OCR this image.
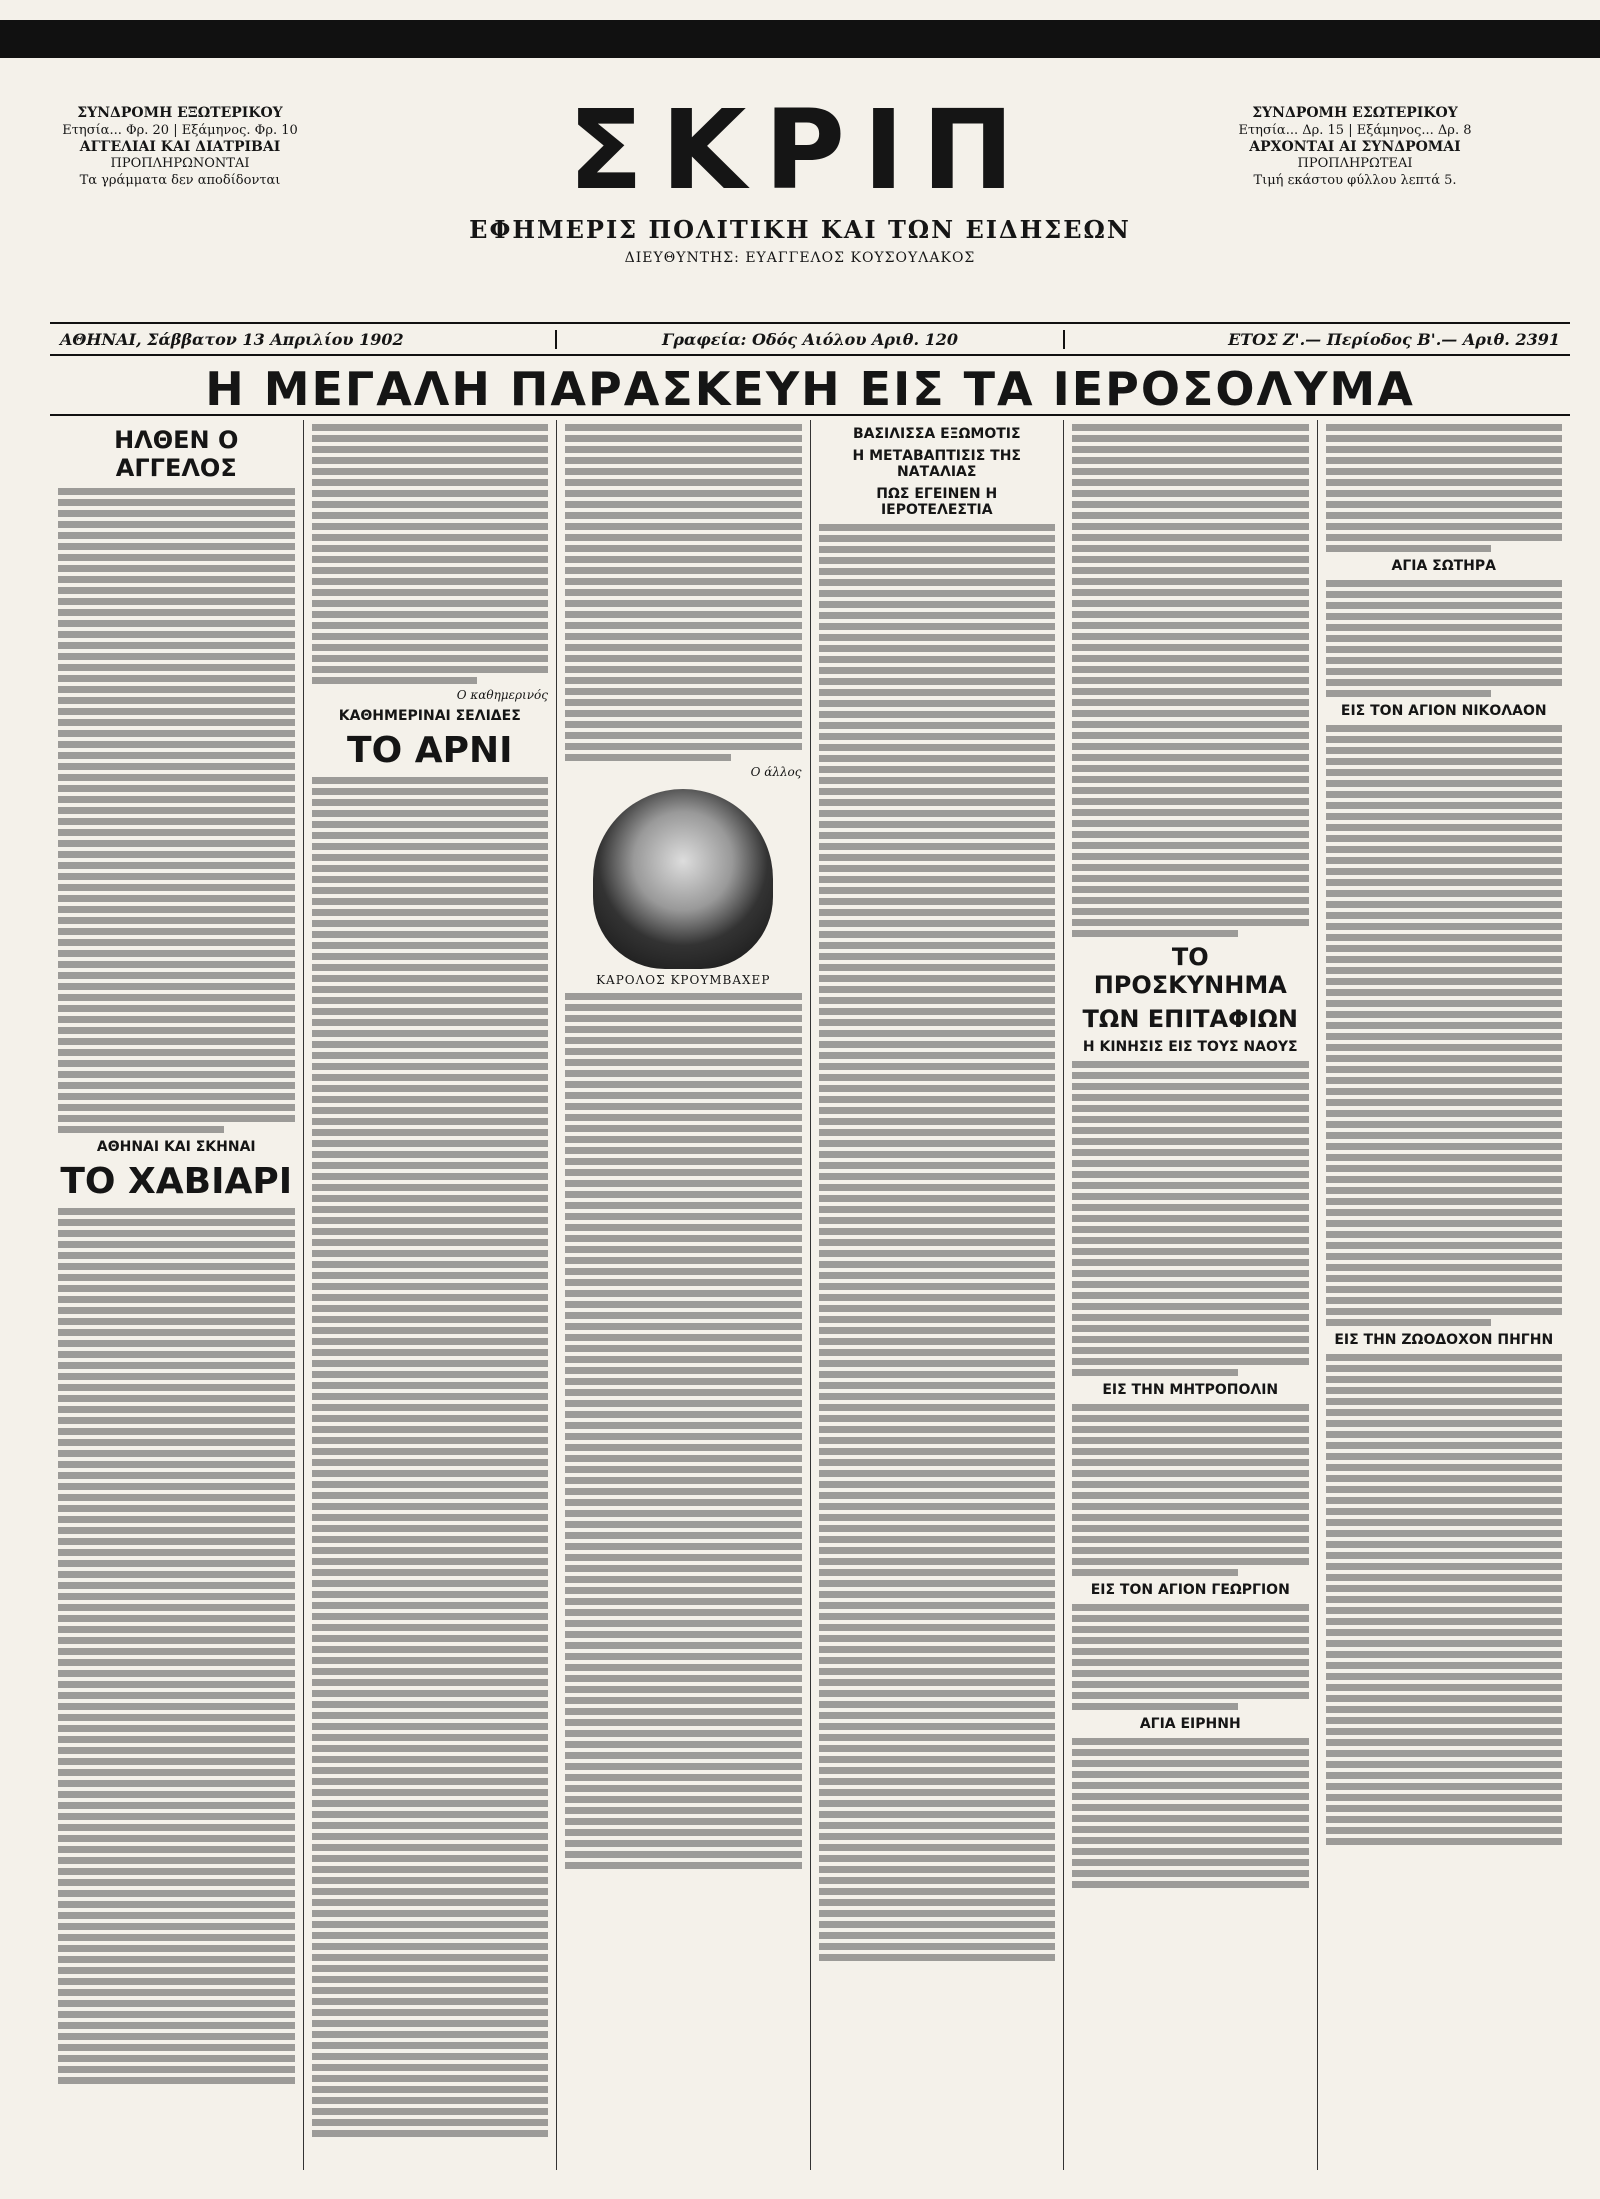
ΣΥΝΔΡΟΜΗ ΕΞΩΤΕΡΙΚΟΥ
Ετησία... Φρ. 20 | Εξάμηνος. Φρ. 10
ΑΓΓΕΛΙΑΙ ΚΑΙ ΔΙΑΤΡΙΒΑΙ
ΠΡΟΠΛΗΡΩΝΟΝΤΑΙ
Τα γράμματα δεν αποδίδονται
ΣΥΝΔΡΟΜΗ ΕΣΩΤΕΡΙΚΟΥ
Ετησία... Δρ. 15 | Εξάμηνος... Δρ. 8
ΑΡΧΟΝΤΑΙ ΑΙ ΣΥΝΔΡΟΜΑΙ
ΠΡΟΠΛΗΡΩΤΕΑΙ
Τιμή εκάστου φύλλου λεπτά 5.
ΣΚΡΙΠ
ΕΦΗΜΕΡΙΣ ΠΟΛΙΤΙΚΗ ΚΑΙ ΤΩΝ ΕΙΔΗΣΕΩΝ
ΔΙΕΥΘΥΝΤΗΣ: ΕΥΑΓΓΕΛΟΣ ΚΟΥΣΟΥΛΑΚΟΣ
ΑΘΗΝΑΙ, Σάββατον 13 Απριλίου 1902	Γραφεία: Οδός Αιόλου Αριθ. 120	ΕΤΟΣ Ζ'.— Περίοδος Β'.— Αριθ. 2391
Η ΜΕΓΑΛΗ ΠΑΡΑΣΚΕΥΗ ΕΙΣ ΤΑ ΙΕΡΟΣΟΛΥΜΑ
ΗΛΘΕΝ Ο ΑΓΓΕΛΟΣ
ΑΘΗΝΑΙ ΚΑΙ ΣΚΗΝΑΙ
ΤΟ ΧΑΒΙΑΡΙ
Ο καθημερινός
ΚΑΘΗΜΕΡΙΝΑΙ ΣΕΛΙΔΕΣ
ΤΟ ΑΡΝΙ
Ο άλλος
ΚΑΡΟΛΟΣ ΚΡΟΥΜΒΑΧΕΡ
ΒΑΣΙΛΙΣΣΑ ΕΞΩΜΟΤΙΣ
Η ΜΕΤΑΒΑΠΤΙΣΙΣ ΤΗΣ ΝΑΤΑΛΙΑΣ
ΠΩΣ ΕΓΕΙΝΕΝ Η ΙΕΡΟΤΕΛΕΣΤΙΑ
ΤΟ ΠΡΟΣΚΥΝΗΜΑ
ΤΩΝ ΕΠΙΤΑΦΙΩΝ
Η ΚΙΝΗΣΙΣ ΕΙΣ ΤΟΥΣ ΝΑΟΥΣ
ΕΙΣ ΤΗΝ ΜΗΤΡΟΠΟΛΙΝ
ΕΙΣ ΤΟΝ ΑΓΙΟΝ ΓΕΩΡΓΙΟΝ
ΑΓΙΑ ΕΙΡΗΝΗ
ΑΓΙΑ ΣΩΤΗΡΑ
ΕΙΣ ΤΟΝ ΑΓΙΟΝ ΝΙΚΟΛΑΟΝ
ΕΙΣ ΤΗΝ ΖΩΟΔΟΧΟΝ ΠΗΓΗΝ
